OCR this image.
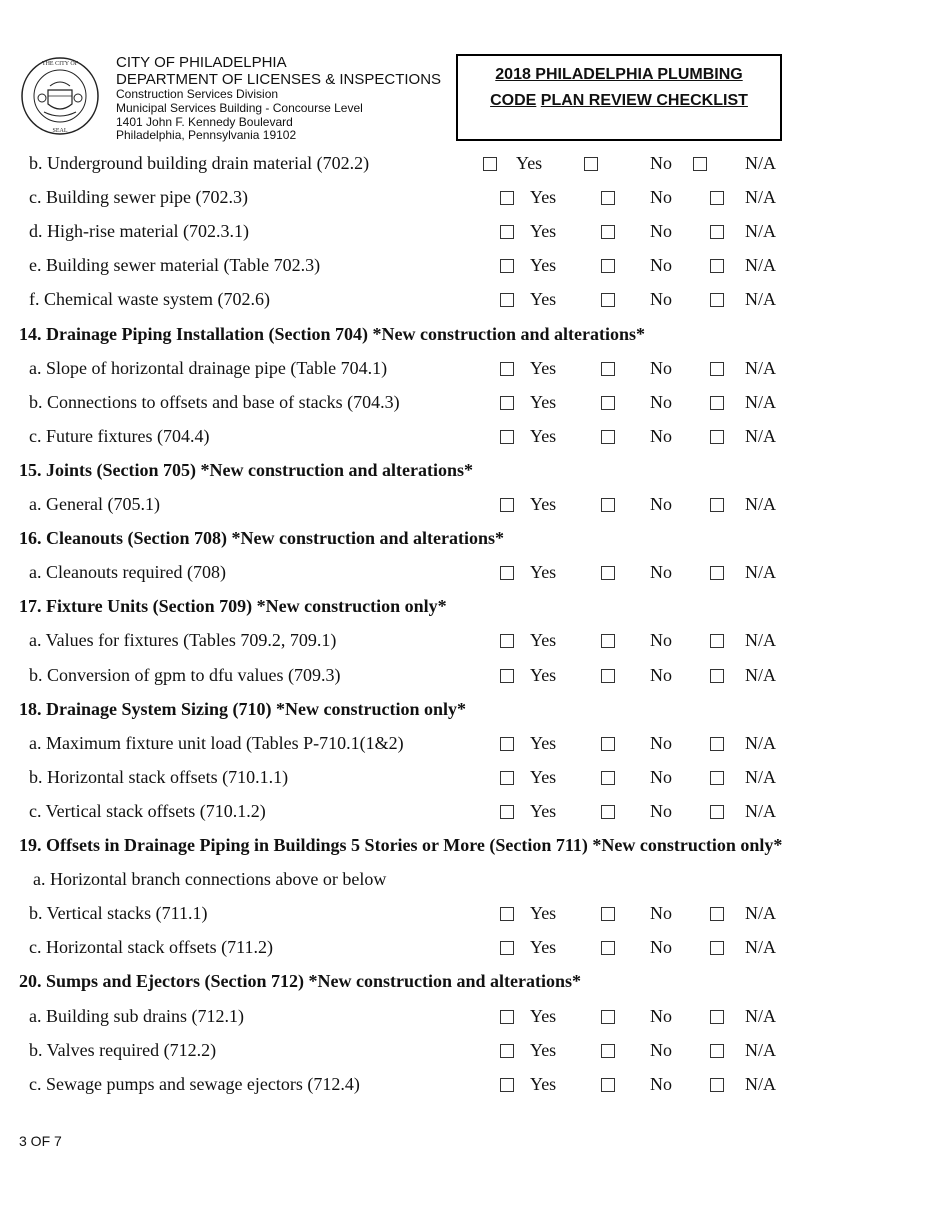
THE CITY OF
SEAL
CITY OF PHILADELPHIA
DEPARTMENT OF LICENSES & INSPECTIONS
Construction Services Division
Municipal Services Building - Concourse Level
1401 John F. Kennedy Boulevard
Philadelphia, Pennsylvania 19102
2018 PHILADELPHIA PLUMBING
CODE PLAN REVIEW CHECKLIST
b. Underground building drain material (702.2)	Yes	No	N/A
c. Building sewer pipe (702.3)	Yes	No	N/A
d. High-rise material (702.3.1)	Yes	No	N/A
e. Building sewer material (Table 702.3)	Yes	No	N/A
f. Chemical waste system (702.6)	Yes	No	N/A
14. Drainage Piping Installation (Section 704) *New construction and alterations*
a. Slope of horizontal drainage pipe (Table 704.1)	Yes	No	N/A
b. Connections to offsets and base of stacks (704.3)	Yes	No	N/A
c. Future fixtures (704.4)	Yes	No	N/A
15. Joints (Section 705) *New construction and alterations*
a. General (705.1)	Yes	No	N/A
16. Cleanouts (Section 708) *New construction and alterations*
a. Cleanouts required (708)	Yes	No	N/A
17. Fixture Units (Section 709) *New construction only*
a. Values for fixtures (Tables 709.2, 709.1)	Yes	No	N/A
b. Conversion of gpm to dfu values (709.3)	Yes	No	N/A
18. Drainage System Sizing (710) *New construction only*
a. Maximum fixture unit load (Tables P-710.1(1&2)	Yes	No	N/A
b. Horizontal stack offsets (710.1.1)	Yes	No	N/A
c. Vertical stack offsets (710.1.2)	Yes	No	N/A
19. Offsets in Drainage Piping in Buildings 5 Stories or More (Section 711) *New construction only*
a. Horizontal branch connections above or below
b. Vertical stacks (711.1)	Yes	No	N/A
c. Horizontal stack offsets (711.2)	Yes	No	N/A
20. Sumps and Ejectors (Section 712) *New construction and alterations*
a. Building sub drains (712.1)	Yes	No	N/A
b. Valves required (712.2)	Yes	No	N/A
c. Sewage pumps and sewage ejectors (712.4)	Yes	No	N/A
3 OF 7
